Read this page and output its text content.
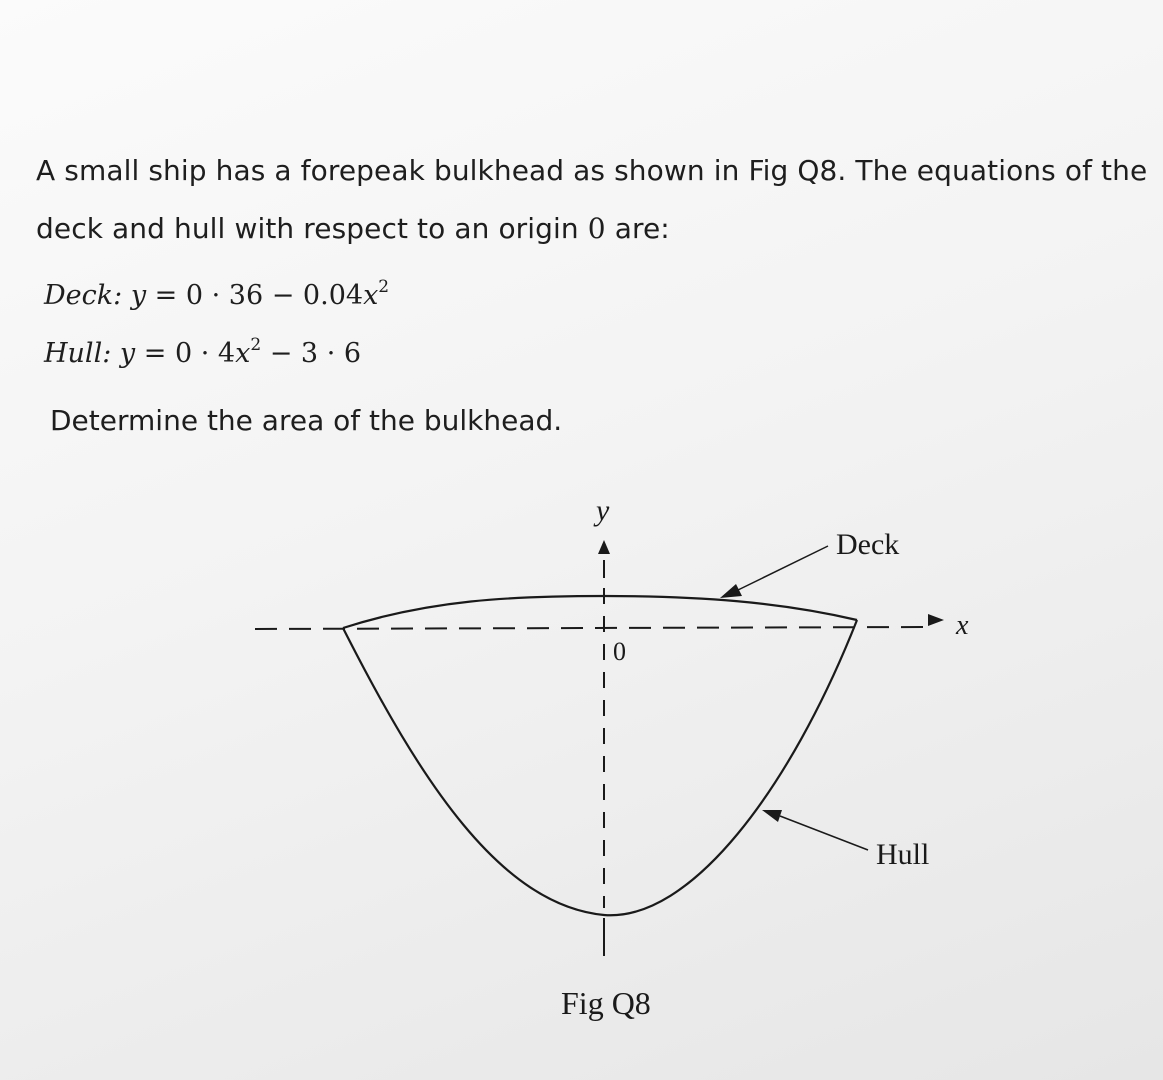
A small ship has a forepeak bulkhead as shown in Fig Q8. The equations of the
deck and hull with respect to an origin 0 are:
Deck: $y = 0 \cdot 36 - 0.04x^2$
Hull: $y = 0 \cdot 4x^2 - 3 \cdot 6$
Determine the area of the bulkhead.
y
x
0
Deck
Hull
Fig Q8
